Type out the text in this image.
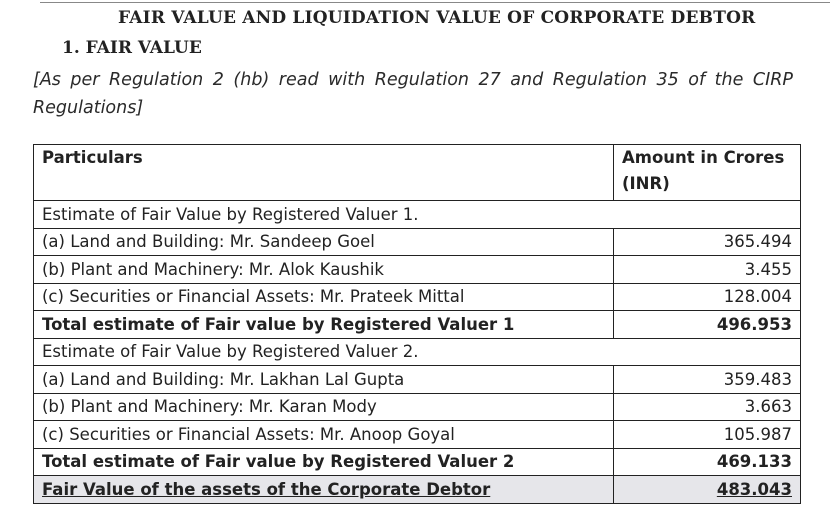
FAIR VALUE AND LIQUIDATION VALUE OF CORPORATE DEBTOR
1. FAIR VALUE
[As per Regulation 2 (hb) read with Regulation 27 and Regulation 35 of the CIRP Regulations]
Particulars	Amount in Crores (INR)
Estimate of Fair Value by Registered Valuer 1.	
(a) Land and Building: Mr. Sandeep Goel	365.494
(b) Plant and Machinery: Mr. Alok Kaushik	3.455
(c) Securities or Financial Assets: Mr. Prateek Mittal	128.004
Total estimate of Fair value by Registered Valuer 1	496.953
Estimate of Fair Value by Registered Valuer 2.	
(a) Land and Building: Mr. Lakhan Lal Gupta	359.483
(b) Plant and Machinery: Mr. Karan Mody	3.663
(c) Securities or Financial Assets: Mr. Anoop Goyal	105.987
Total estimate of Fair value by Registered Valuer 2	469.133
Fair Value of the assets of the Corporate Debtor	483.043
